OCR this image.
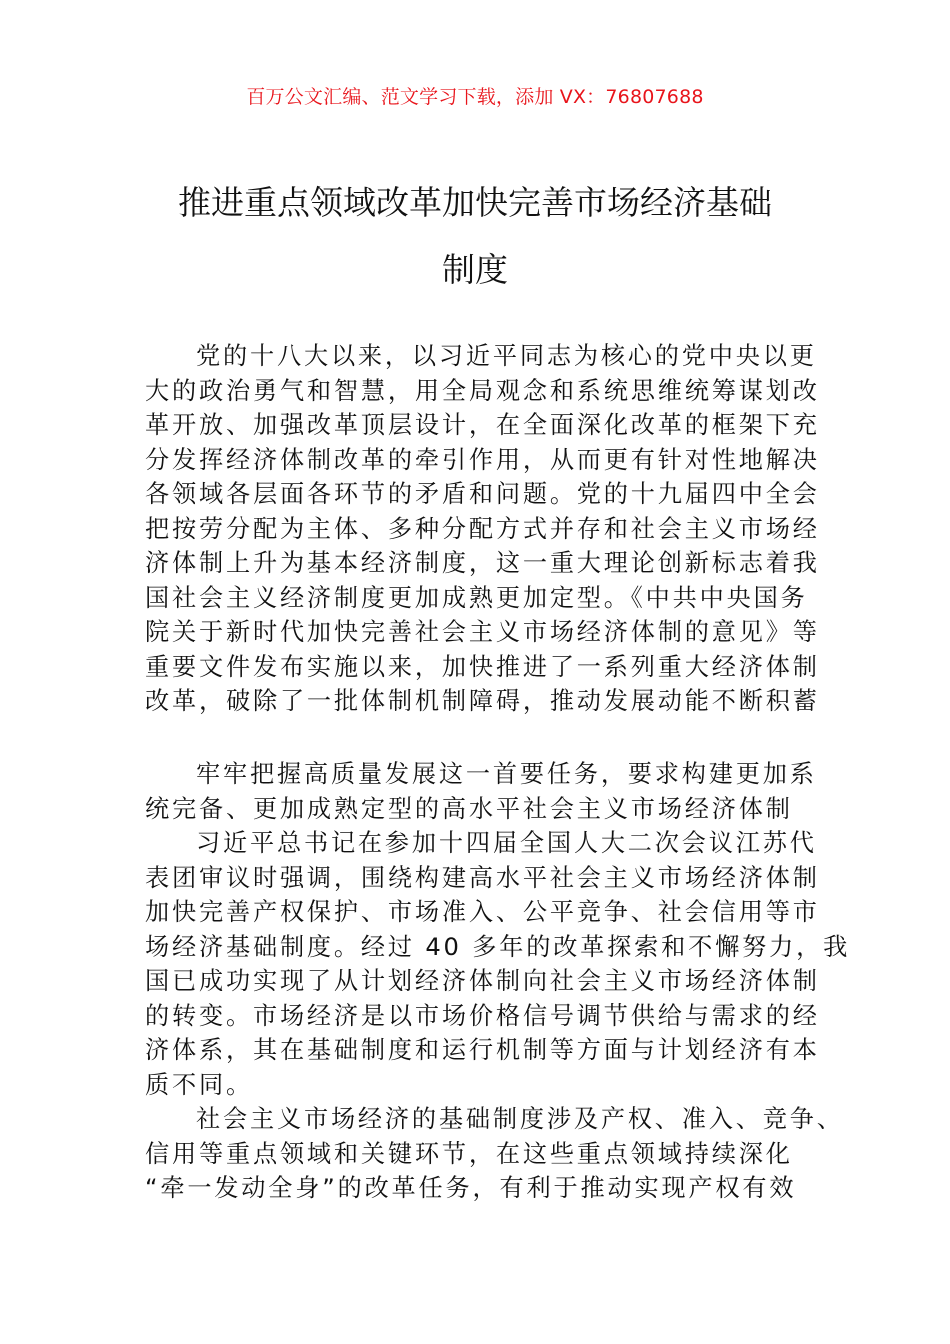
百万公文汇编、范文学习下载，添加 VX：76807688
推进重点领域改革加快完善市场经济基础
制度
党的十八大以来，以习近平同志为核心的党中央以更
大的政治勇气和智慧，用全局观念和系统思维统筹谋划改
革开放、加强改革顶层设计，在全面深化改革的框架下充
分发挥经济体制改革的牵引作用，从而更有针对性地解决
各领域各层面各环节的矛盾和问题。党的十九届四中全会
把按劳分配为主体、多种分配方式并存和社会主义市场经
济体制上升为基本经济制度，这一重大理论创新标志着我
国社会主义经济制度更加成熟更加定型。《中共中央国务
院关于新时代加快完善社会主义市场经济体制的意见》等
重要文件发布实施以来，加快推进了一系列重大经济体制
改革，破除了一批体制机制障碍，推动发展动能不断积蓄
牢牢把握高质量发展这一首要任务，要求构建更加系
统完备、更加成熟定型的高水平社会主义市场经济体制
习近平总书记在参加十四届全国人大二次会议江苏代
表团审议时强调，围绕构建高水平社会主义市场经济体制
加快完善产权保护、市场准入、公平竞争、社会信用等市
场经济基础制度。经过 40 多年的改革探索和不懈努力，我
国已成功实现了从计划经济体制向社会主义市场经济体制
的转变。市场经济是以市场价格信号调节供给与需求的经
济体系，其在基础制度和运行机制等方面与计划经济有本
质不同。
社会主义市场经济的基础制度涉及产权、准入、竞争、
信用等重点领域和关键环节，在这些重点领域持续深化
“牵一发动全身”的改革任务，有利于推动实现产权有效
